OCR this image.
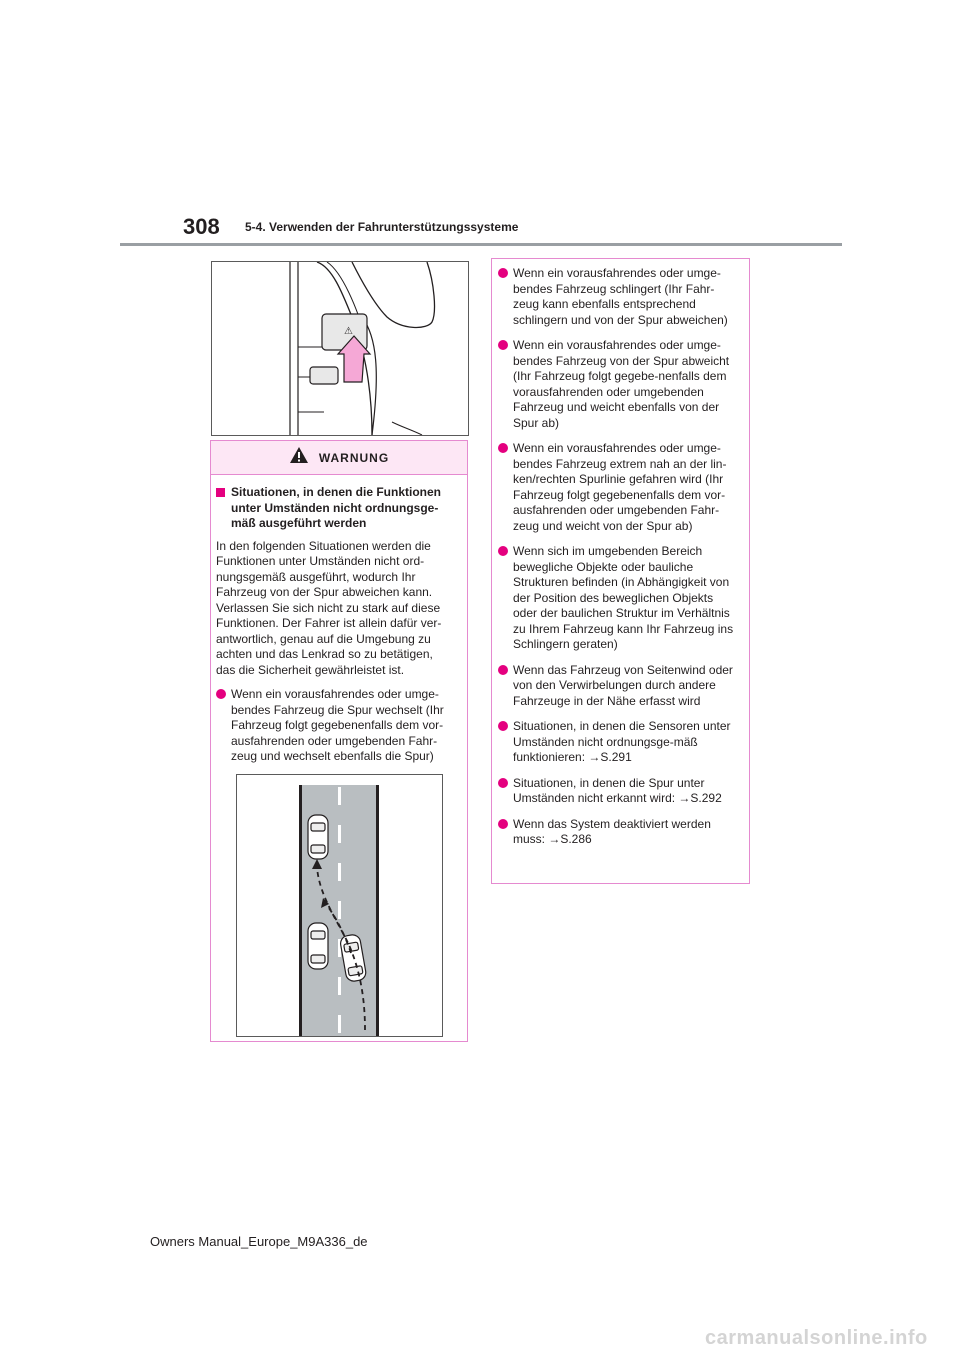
308 5-4. Verwenden der Fahrunterstützungssysteme
⚠
WARNUNG
Situationen, in denen die Funktionen unter Umständen nicht ordnungsge-mäß ausgeführt werden

In den folgenden Situationen werden die Funktionen unter Umständen nicht ord-nungsgemäß ausgeführt, wodurch Ihr Fahrzeug von der Spur abweichen kann. Verlassen Sie sich nicht zu stark auf diese Funktionen. Der Fahrer ist allein dafür ver-antwortlich, genau auf die Umgebung zu achten und das Lenkrad so zu betätigen, das die Sicherheit gewährleistet ist.

Wenn ein vorausfahrendes oder umge-bendes Fahrzeug die Spur wechselt (Ihr Fahrzeug folgt gegebenenfalls dem vor-ausfahrenden oder umgebenden Fahr-zeug und wechselt ebenfalls die Spur)
Wenn ein vorausfahrendes oder umge-bendes Fahrzeug schlingert (Ihr Fahr-zeug kann ebenfalls entsprechend schlingern und von der Spur abweichen)
Wenn ein vorausfahrendes oder umge-bendes Fahrzeug von der Spur abweicht (Ihr Fahrzeug folgt gegebe-nenfalls dem vorausfahrenden oder umgebenden Fahrzeug und weicht ebenfalls von der Spur ab)
Wenn ein vorausfahrendes oder umge-bendes Fahrzeug extrem nah an der lin-ken/rechten Spurlinie gefahren wird (Ihr Fahrzeug folgt gegebenenfalls dem vor-ausfahrenden oder umgebenden Fahr-zeug und weicht von der Spur ab)
Wenn sich im umgebenden Bereich bewegliche Objekte oder bauliche Strukturen befinden (in Abhängigkeit von der Position des beweglichen Objekts oder der baulichen Struktur im Verhältnis zu Ihrem Fahrzeug kann Ihr Fahrzeug ins Schlingern geraten)
Wenn das Fahrzeug von Seitenwind oder von den Verwirbelungen durch andere Fahrzeuge in der Nähe erfasst wird
Situationen, in denen die Sensoren unter Umständen nicht ordnungsge-mäß funktionieren: →S.291
Situationen, in denen die Spur unter Umständen nicht erkannt wird: →S.292
Wenn das System deaktiviert werden muss: →S.286
Owners Manual_Europe_M9A336_de
carmanualsonline.info
